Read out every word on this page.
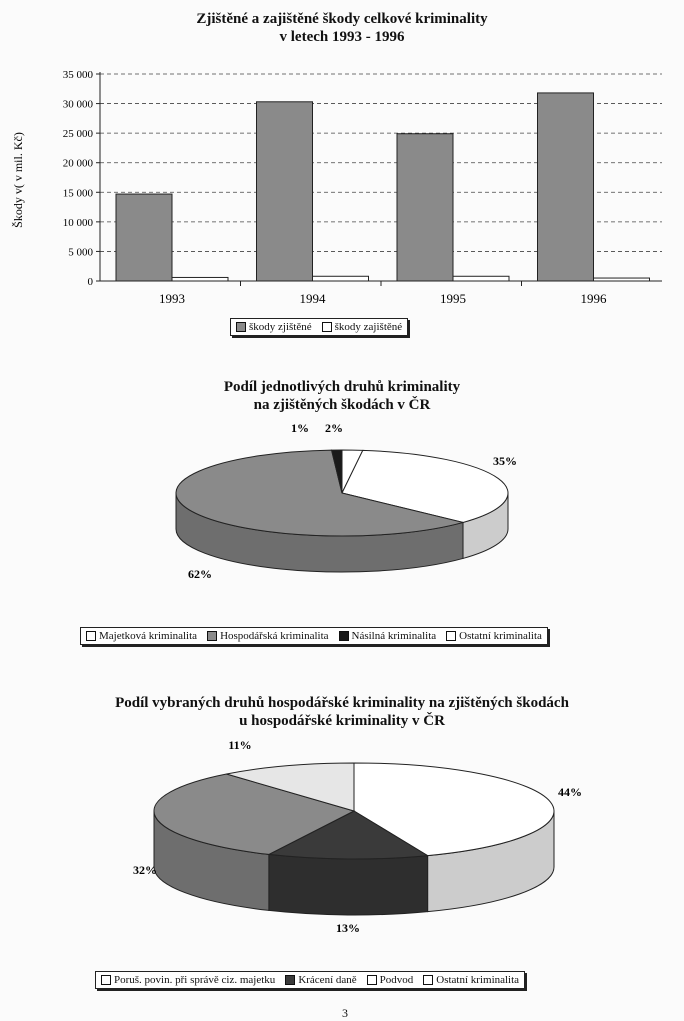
Zjištěné a zajištěné škody celkové kriminality
v letech 1993 - 1996
Škody v( v mil. Kč)
0
5 000
10 000
15 000
20 000
25 000
30 000
35 000
1993	1994	1995	1996
škody zjištěné škody zajištěné
Podíl jednotlivých druhů kriminality
na zjištěných škodách v ČR
35%
62%
1% 2%
Majetková kriminalita Hospodářská kriminalita Násilná kriminalita Ostatní kriminalita
Podíl vybraných druhů hospodářské kriminality na zjištěných škodách
u hospodářské kriminality v ČR
32%
13%
44%
11%
Poruš. povin. při správě ciz. majetku Krácení daně Podvod Ostatní kriminalita
3
